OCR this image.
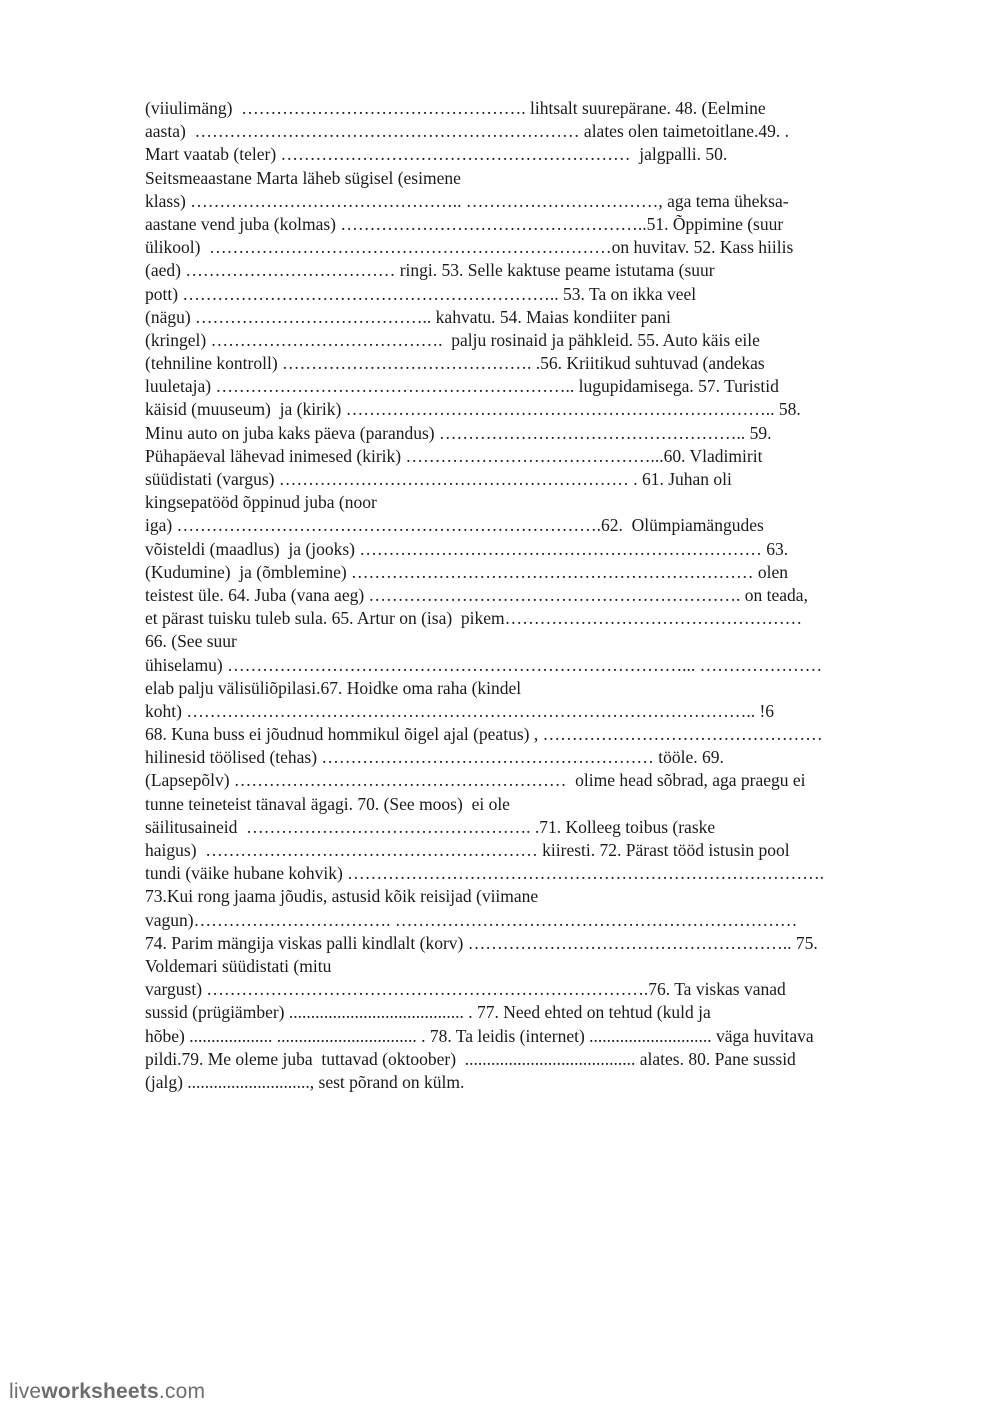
(viiulimäng)  …………………………………………. lihtsalt suurepärane. 48. (Eelmine
aasta)  ………………………………………………………… alates olen taimetoitlane.49. .
Mart vaatab (teler) ……………………………………………………  jalgpalli. 50.
Seitsmeaastane Marta läheb sügisel (esimene
klass) ……………………………………….. ……………………………, aga tema üheksa-
aastane vend juba (kolmas) ……………………………………………..51. Õppimine (suur
ülikool)  ……………………………………………………………on huvitav. 52. Kass hiilis
(aed) ……………………………… ringi. 53. Selle kaktuse peame istutama (suur
pott) ……………………………………………………….. 53. Ta on ikka veel
(nägu) ………………………………….. kahvatu. 54. Maias kondiiter pani
(kringel) ………………………………….  palju rosinaid ja pähkleid. 55. Auto käis eile
(tehniline kontroll) ……………………………………. .56. Kriitikud suhtuvad (andekas
luuletaja) …………………………………………………….. lugupidamisega. 57. Turistid
käisid (muuseum)  ja (kirik) ……………………………………………………………….. 58.
Minu auto on juba kaks päeva (parandus) …………………………………………….. 59.
Pühapäeval lähevad inimesed (kirik) ……………………………………...60. Vladimirit
süüdistati (vargus) …………………………………………………… . 61. Juhan oli
kingsepatööd õppinud juba (noor
iga) ……………………………………………………………….62.  Olümpiamängudes
võisteldi (maadlus)  ja (jooks) …………………………………………………………… 63.
(Kudumine)  ja (õmblemine) …………………………………………………………… olen
teistest üle. 64. Juba (vana aeg) ………………………………………………………. on teada,
et pärast tuisku tuleb sula. 65. Artur on (isa)  pikem……………………………………………
66. (See suur
ühiselamu) ……………………………………………………………………... …………………
elab palju välisüliõpilasi.67. Hoidke oma raha (kindel
koht) …………………………………………………………………………………….. !6
68. Kuna buss ei jõudnud hommikul õigel ajal (peatus) , …………………………………………
hilinesid töölised (tehas) ………………………………………………… tööle. 69.
(Lapsepõlv) …………………………………………………  olime head sõbrad, aga praegu ei
tunne teineteist tänaval ägagi. 70. (See moos)  ei ole
säilitusaineid  …………………………………………. .71. Kolleeg toibus (raske
haigus)  ………………………………………………… kiiresti. 72. Pärast tööd istusin pool
tundi (väike hubane kohvik) ……………………………………………………………………….
73.Kui rong jaama jõudis, astusid kõik reisijad (viimane
vagun)……………………………. ……………………………………………………………
74. Parim mängija viskas palli kindlalt (korv) ……………………………………………….. 75.
Voldemari süüdistati (mitu
vargust) ………………………………………………………………….76. Ta viskas vanad
sussid (prügiämber) ........................................ . 77. Need ehted on tehtud (kuld ja
hõbe) ................... ................................ . 78. Ta leidis (internet) ............................ väga huvitava
pildi.79. Me oleme juba  tuttavad (oktoober)  ....................................... alates. 80. Pane sussid
(jalg) ............................, sest põrand on külm.
liveworksheets.com
